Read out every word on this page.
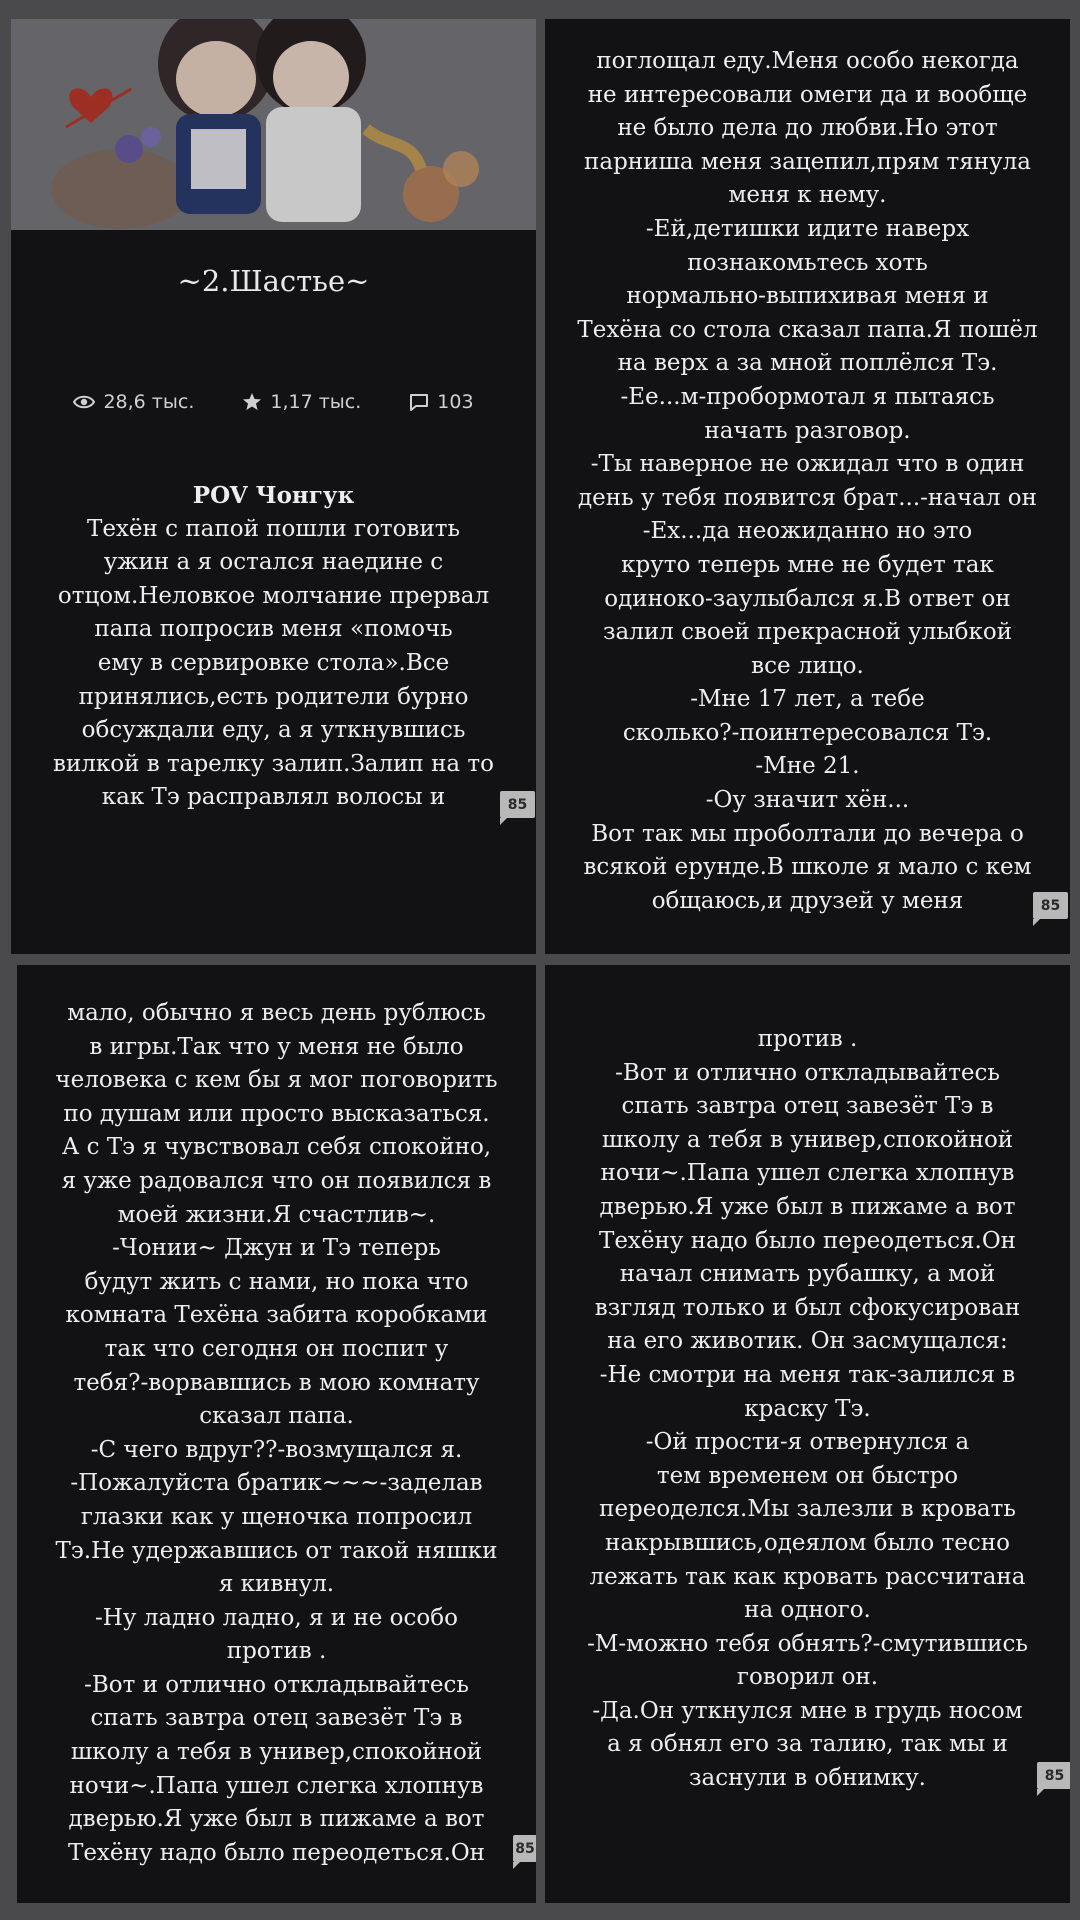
~2.Шастье~
28,6 тыс.	1,17 тыс.	103
POV Чонгук
Техён с папой пошли готовить
ужин а я остался наедине с
отцом.Неловкое молчание прервал
папа попросив меня «помочь
ему в сервировке стола».Все
принялись,есть родители бурно
обсуждали еду, а я уткнувшись
вилкой в тарелку залип.Залип на то
как Тэ расправлял волосы и	85
поглощал еду.Меня особо некогда
не интересовали омеги да и вообще
не было дела до любви.Но этот
парниша меня зацепил,прям тянула
меня к нему.
-Ей,детишки идите наверх
познакомьтесь хоть
нормально-выпихивая меня и
Техёна со стола сказал папа.Я пошёл
на верх а за мной поплёлся Тэ.
-Ее...м-пробормотал я пытаясь
начать разговор.
-Ты наверное не ожидал что в один
день у тебя появится брат...-начал он
-Ех...да неожиданно но это
круто теперь мне не будет так
одиноко-заулыбался я.В ответ он
залил своей прекрасной улыбкой
все лицо.
-Мне 17 лет, а тебе
сколько?-поинтересовался Тэ.
-Мне 21.
-Оу значит хён...
Вот так мы проболтали до вечера о
всякой ерунде.В школе я мало с кем
общаюсь,и друзей у меня	85
мало, обычно я весь день рублюсь
в игры.Так что у меня не было
человека с кем бы я мог поговорить
по душам или просто высказаться.
А с Тэ я чувствовал себя спокойно,
я уже радовался что он появился в
моей жизни.Я счастлив~.
-Чонии~ Джун и Тэ теперь
будут жить с нами, но пока что
комната Техёна забита коробками
так что сегодня он поспит у
тебя?-ворвавшись в мою комнату
сказал папа.
-С чего вдруг??-возмущался я.
-Пожалуйста братик~~~-заделав
глазки как у щеночка попросил
Тэ.Не удержавшись от такой няшки
я кивнул.
-Ну ладно ладно, я и не особо
против .
-Вот и отлично откладывайтесь
спать завтра отец завезёт Тэ в
школу а тебя в универ,спокойной
ночи~.Папа ушел слегка хлопнув
дверью.Я уже был в пижаме а вот
Техёну надо было переодеться.Он	85
против .
-Вот и отлично откладывайтесь
спать завтра отец завезёт Тэ в
школу а тебя в универ,спокойной
ночи~.Папа ушел слегка хлопнув
дверью.Я уже был в пижаме а вот
Техёну надо было переодеться.Он
начал снимать рубашку, а мой
взгляд только и был сфокусирован
на его животик. Он засмущался:
-Не смотри на меня так-залился в
краску Тэ.
-Ой прости-я отвернулся а
тем временем он быстро
переоделся.Мы залезли в кровать
накрывшись,одеялом было тесно
лежать так как кровать рассчитана
на одного.
-М-можно тебя обнять?-смутившись
говорил он.
-Да.Он уткнулся мне в грудь носом
а я обнял его за талию, так мы и
заснули в обнимку.	85
